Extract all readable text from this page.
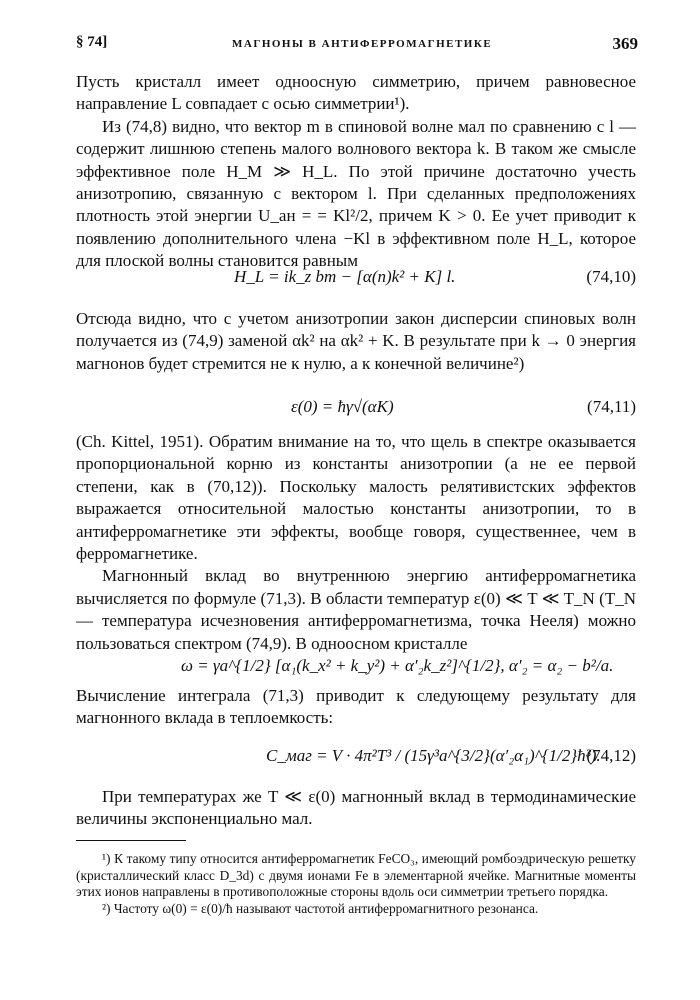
§ 74]	МАГНОНЫ В АНТИФЕРРОМАГНЕТИКЕ	369

Пусть кристалл имеет одноосную симметрию, причем равновесное направление L совпадает с осью симметрии¹).

Из (74,8) видно, что вектор m в спиновой волне мал по сравнению с l — содержит лишнюю степень малого волнового вектора k. В таком же смысле эффективное поле H_M ≫ H_L. По этой причине достаточно учесть анизотропию, связанную с вектором l. При сделанных предположениях плотность этой энергии U_ан = = Kl²/2, причем K > 0. Ее учет приводит к появлению дополнительного члена −Kl в эффективном поле H_L, которое для плоской волны становится равным

H_L = ik_z bm − [α(n)k² + K] l.	(74,10)

Отсюда видно, что с учетом анизотропии закон дисперсии спиновых волн получается из (74,9) заменой αk² на αk² + K. В результате при k → 0 энергия магнонов будет стремится не к нулю, а к конечной величине²)

ε(0) = ħγ√(αK)	(74,11)

(Ch. Kittel, 1951). Обратим внимание на то, что щель в спектре оказывается пропорциональной корню из константы анизотропии (а не ее первой степени, как в (70,12)). Поскольку малость релятивистских эффектов выражается относительной малостью константы анизотропии, то в антиферромагнетике эти эффекты, вообще говоря, существеннее, чем в ферромагнетике.

Магнонный вклад во внутреннюю энергию антиферромагнетика вычисляется по формуле (71,3). В области температур ε(0) ≪ T ≪ T_N (T_N — температура исчезновения антиферромагнетизма, точка Нееля) можно пользоваться спектром (74,9). В одноосном кристалле

ω = γa^{1/2} [α₁(k_x² + k_y²) + α′₂k_z²]^{1/2}, α′₂ = α₂ − b²/a.

Вычисление интеграла (71,3) приводит к следующему результату для магнонного вклада в теплоемкость:

C_маг = V · 4π²T³ / (15γ³a^{3/2}(α′₂α₁)^{1/2}ħ³).
(74,12)

При температурах же T ≪ ε(0) магнонный вклад в термодинамические величины экспоненциально мал.

¹) К такому типу относится антиферромагнетик FeCO₃, имеющий ромбоэдрическую решетку (кристаллический класс D_3d) с двумя ионами Fe в элементарной ячейке. Магнитные моменты этих ионов направлены в противоположные стороны вдоль оси симметрии третьего порядка.

²) Частоту ω(0) = ε(0)/ħ называют частотой антиферромагнитного резонанса.
